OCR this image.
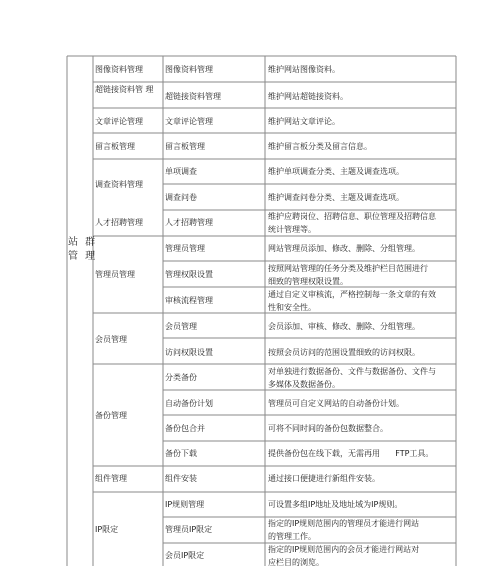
站 群
管 理
图像资料管理
超链接资料管 理
文章评论管理
留言板管理
调查资料管理
人才招聘管理
管理员管理
会员管理
备份管理
组件管理
IP限定
图像资料管理
超链接资料管理
文章评论管理
留言板管理
单项调查
调查问卷
人才招聘管理
管理员管理
管理权限设置
审核流程管理
会员管理
访问权限设置
分类备份
自动备份计划
备份包合并
备份下载
组件安装
IP规则管理
管理员IP限定
会员IP限定
维护网站图像资料。
维护网站超链接资料。
维护网站文章评论。
维护留言板分类及留言信息。
维护单项调查分类、主题及调查选项。
维护调查问卷分类、主题及调查选项。
维护应聘岗位、招聘信息、职位管理及招聘信息
统计管理等。
网站管理员添加、修改、删除、分组管理。
按照网站管理的任务分类及维护栏目范围进行
细致的管理权限设置。
通过自定义审核流，严格控制每一条文章的有效
性和安全性。
会员添加、审核、修改、删除、分组管理。
按照会员访问的范围设置细致的访问权限。
对单独进行数据备份、文件与数据备份、文件与
多媒体及数据备份。
管理员可自定义网站的自动备份计划。
可将不同时间的备份包数据整合。
提供备份包在线下载，无需再用      FTP工具。
通过接口便捷进行新组件安装。
可设置多组IP地址及地址域为IP规则。
指定的IP规则范围内的管理员才能进行网站
的管理工作。
指定的IP规则范围内的会员才能进行网站对
应栏目的浏览。
